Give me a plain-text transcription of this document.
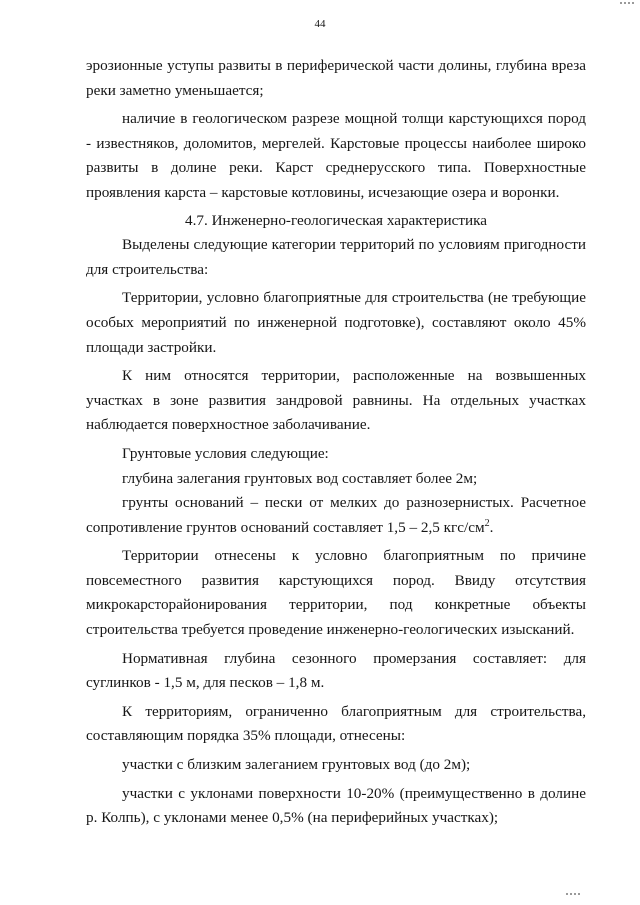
44

эрозионные уступы развиты в периферической части долины, глубина вреза реки заметно уменьшается;

наличие в геологическом разрезе мощной толщи карстующихся пород - известняков, доломитов, мергелей. Карстовые процессы наиболее широко развиты в долине реки. Карст среднерусского типа. Поверхностные проявления карста – карстовые котловины, исчезающие озера и воронки.

4.7. Инженерно-геологическая характеристика

Выделены следующие категории территорий по условиям пригодности для строительства:

Территории, условно благоприятные для строительства (не требующие особых мероприятий по инженерной подготовке), составляют около 45% площади застройки.

К ним относятся территории, расположенные на возвышенных участках в зоне развития зандровой равнины. На отдельных участках наблюдается поверхностное заболачивание.

Грунтовые условия следующие:

глубина залегания грунтовых вод составляет более 2м;

грунты оснований – пески от мелких до разнозернистых. Расчетное сопротивление грунтов оснований составляет 1,5 – 2,5 кгс/$см^2$.

Территории отнесены к условно благоприятным по причине повсеместного развития карстующихся пород. Ввиду отсутствия микрокарсторайонирования территории, под конкретные объекты строительства требуется проведение инженерно-геологических изысканий.

Нормативная глубина сезонного промерзания составляет: для суглинков - 1,5 м, для песков – 1,8 м.

К территориям, ограниченно благоприятным для строительства, составляющим порядка 35% площади, отнесены:

участки с близким залеганием грунтовых вод (до 2м);

участки с уклонами поверхности 10-20% (преимущественно в долине р. Колпь), с уклонами менее 0,5% (на периферийных участках);
